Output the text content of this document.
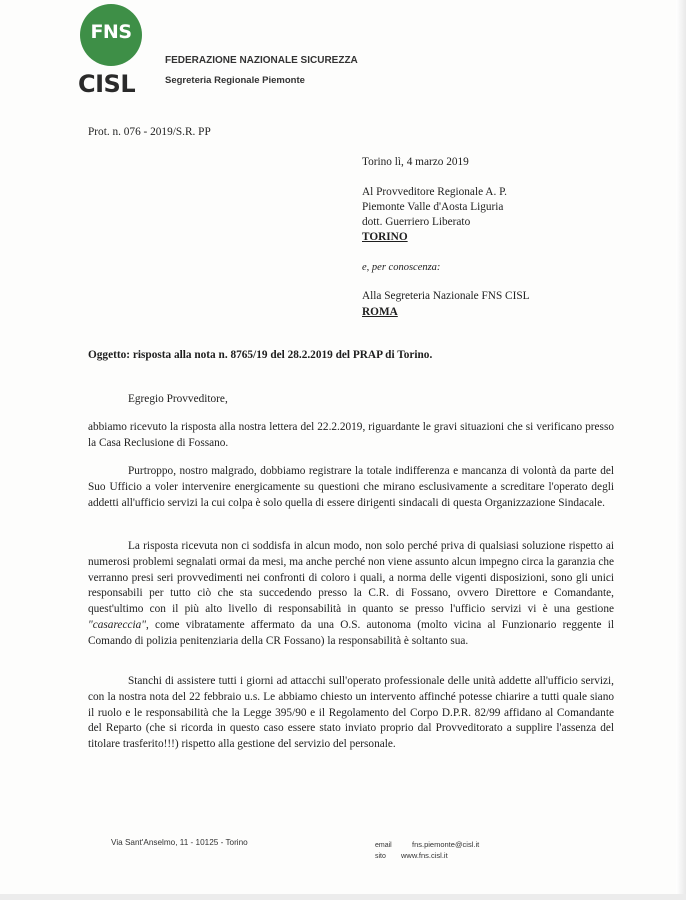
FNS
CISL
FEDERAZIONE NAZIONALE SICUREZZA
Segreteria Regionale Piemonte
Prot. n. 076 - 2019/S.R. PP
Torino lì, 4 marzo 2019
Al Provveditore Regionale A. P.
Piemonte Valle d'Aosta Liguria
dott. Guerriero Liberato
TORINO
e, per conoscenza:
Alla Segreteria Nazionale FNS CISL
ROMA
Oggetto: risposta alla nota n. 8765/19 del 28.2.2019 del PRAP di Torino.
Egregio Provveditore,

abbiamo ricevuto la risposta alla nostra lettera del 22.2.2019, riguardante le gravi situazioni che si verificano presso la Casa Reclusione di Fossano.

Purtroppo, nostro malgrado, dobbiamo registrare la totale indifferenza e mancanza di volontà da parte del Suo Ufficio a voler intervenire energicamente su questioni che mirano esclusivamente a screditare l'operato degli addetti all'ufficio servizi la cui colpa è solo quella di essere dirigenti sindacali di questa Organizzazione Sindacale.

La risposta ricevuta non ci soddisfa in alcun modo, non solo perché priva di qualsiasi soluzione rispetto ai numerosi problemi segnalati ormai da mesi, ma anche perché non viene assunto alcun impegno circa la garanzia che verranno presi seri provvedimenti nei confronti di coloro i quali, a norma delle vigenti disposizioni, sono gli unici responsabili per tutto ciò che sta succedendo presso la C.R. di Fossano, ovvero Direttore e Comandante, quest'ultimo con il più alto livello di responsabilità in quanto se presso l'ufficio servizi vi è una gestione "casareccia", come vibratamente affermato da una O.S. autonoma (molto vicina al Funzionario reggente il Comando di polizia penitenziaria della CR Fossano) la responsabilità è soltanto sua.

Stanchi di assistere tutti i giorni ad attacchi sull'operato professionale delle unità addette all'ufficio servizi, con la nostra nota del 22 febbraio u.s. Le abbiamo chiesto un intervento affinché potesse chiarire a tutti quale siano il ruolo e le responsabilità che la Legge 395/90 e il Regolamento del Corpo D.P.R. 82/99 affidano al Comandante del Reparto (che si ricorda in questo caso essere stato inviato proprio dal Provveditorato a supplire l'assenza del titolare trasferito!!!) rispetto alla gestione del servizio del personale.

Via Sant'Anselmo, 11 - 10125 - Torino	email	fns.piemonte@cisl.it
sito www.fns.cisl.it
